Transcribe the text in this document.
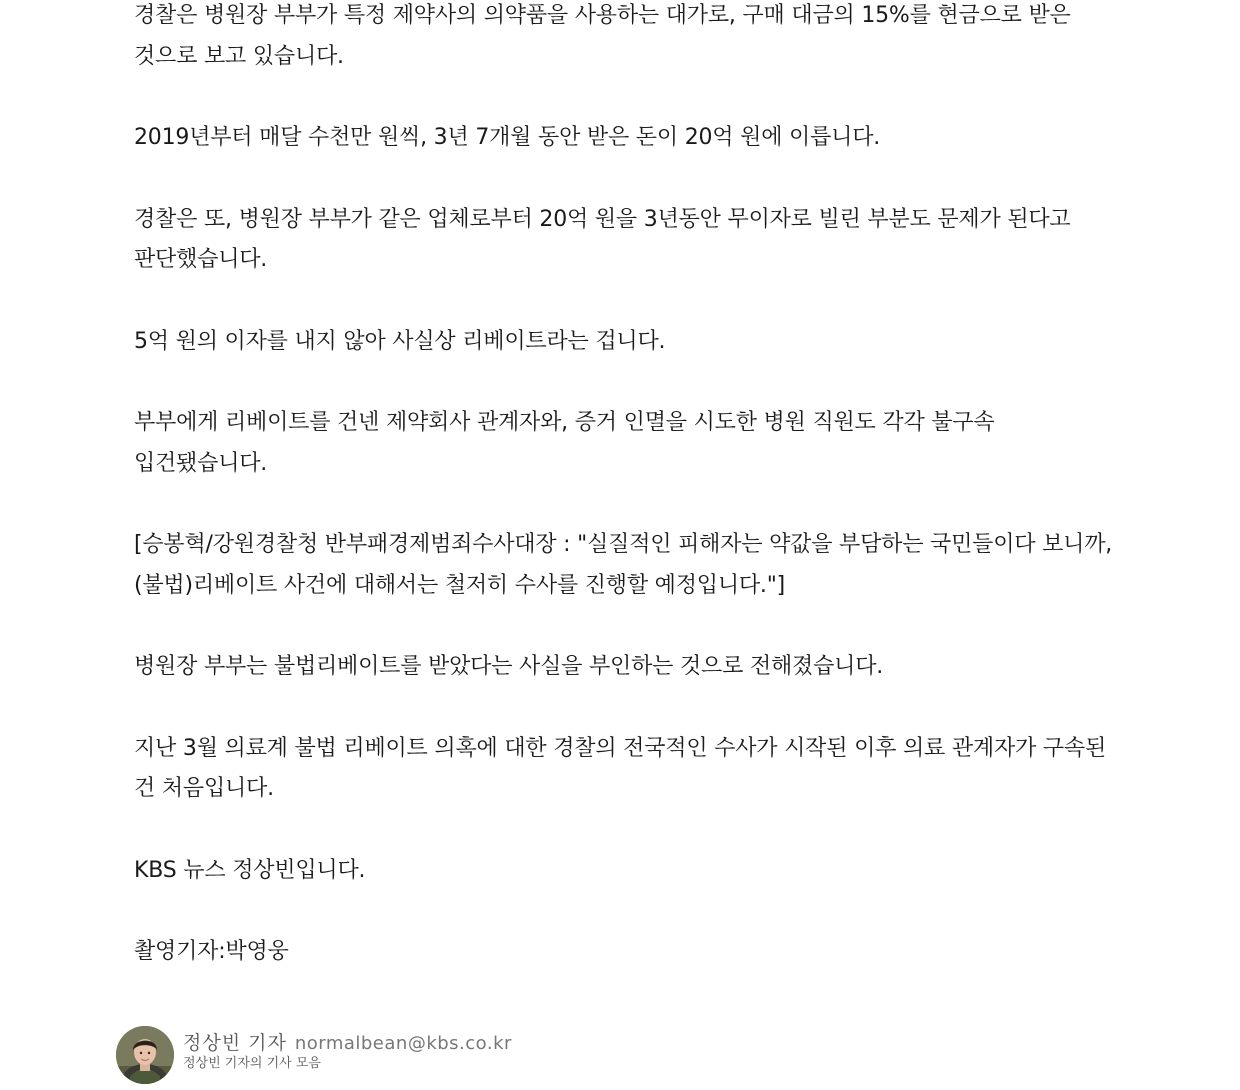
경찰은 병원장 부부가 특정 제약사의 의약품을 사용하는 대가로, 구매 대금의 15%를 현금으로 받은 것으로 보고 있습니다.

2019년부터 매달 수천만 원씩, 3년 7개월 동안 받은 돈이 20억 원에 이릅니다.

경찰은 또, 병원장 부부가 같은 업체로부터 20억 원을 3년동안 무이자로 빌린 부분도 문제가 된다고 판단했습니다.

5억 원의 이자를 내지 않아 사실상 리베이트라는 겁니다.

부부에게 리베이트를 건넨 제약회사 관계자와, 증거 인멸을 시도한 병원 직원도 각각 불구속 입건됐습니다.

[승봉혁/강원경찰청 반부패경제범죄수사대장 : "실질적인 피해자는 약값을 부담하는 국민들이다 보니까, (불법)리베이트 사건에 대해서는 철저히 수사를 진행할 예정입니다."]

병원장 부부는 불법리베이트를 받았다는 사실을 부인하는 것으로 전해졌습니다.

지난 3월 의료계 불법 리베이트 의혹에 대한 경찰의 전국적인 수사가 시작된 이후 의료 관계자가 구속된 건 처음입니다.

KBS 뉴스 정상빈입니다.

촬영기자:박영웅

정상빈 기자 normalbean@kbs.co.kr
정상빈 기자의 기사 모음
